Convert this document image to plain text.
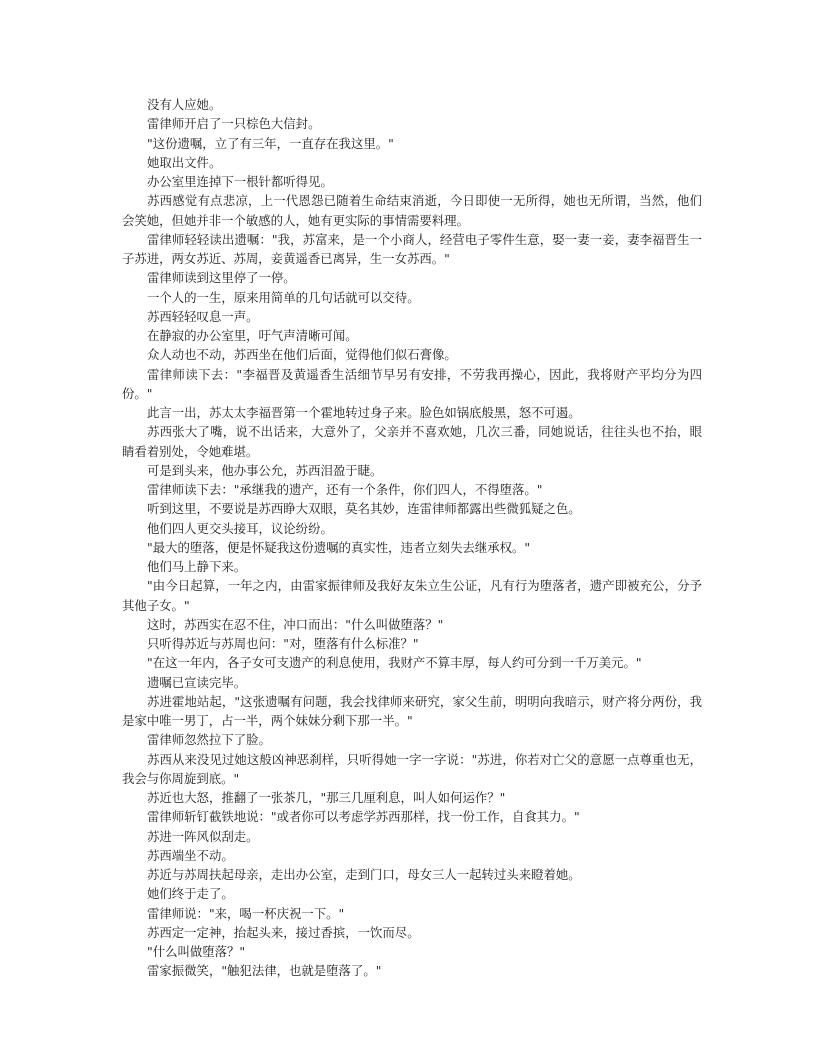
没有人应她。

雷律师开启了一只棕色大信封。

"这份遗嘱，立了有三年，一直存在我这里。"

她取出文件。

办公室里连掉下一根针都听得见。

苏西感觉有点悲凉，上一代恩怨已随着生命结束消逝，今日即使一无所得，她也无所谓，当然，他们会笑她，但她并非一个敏感的人，她有更实际的事情需要料理。

雷律师轻轻读出遗嘱："我，苏富来，是一个小商人，经营电子零件生意，娶一妻一妾，妻李福晋生一子苏进，两女苏近、苏周，妾黄遥香已离异，生一女苏西。"

雷律师读到这里停了一停。

一个人的一生，原来用简单的几句话就可以交待。

苏西轻轻叹息一声。

在静寂的办公室里，吁气声清晰可闻。

众人动也不动，苏西坐在他们后面，觉得他们似石膏像。

雷律师读下去："李福晋及黄遥香生活细节早另有安排，不劳我再操心，因此，我将财产平均分为四份。"

此言一出，苏太太李福晋第一个霍地转过身子来。脸色如锅底般黑，怒不可遏。

苏西张大了嘴，说不出话来，大意外了，父亲并不喜欢她，几次三番，同她说话，往往头也不抬，眼睛看着别处，令她难堪。

可是到头来，他办事公允，苏西泪盈于睫。

雷律师读下去："承继我的遗产，还有一个条件，你们四人，不得堕落。"

听到这里，不要说是苏西睁大双眼，莫名其妙，连雷律师都露出些微狐疑之色。

他们四人更交头接耳，议论纷纷。

"最大的堕落，便是怀疑我这份遗嘱的真实性，违者立刻失去继承权。"

他们马上静下来。

"由今日起算，一年之内，由雷家振律师及我好友朱立生公证，凡有行为堕落者，遗产即被充公，分予其他子女。"

这时，苏西实在忍不住，冲口而出："什么叫做堕落？"

只听得苏近与苏周也问："对，堕落有什么标准？"

"在这一年内，各子女可支遗产的利息使用，我财产不算丰厚，每人约可分到一千万美元。"

遗嘱已宣读完毕。

苏进霍地站起，"这张遗嘱有问题，我会找律师来研究，家父生前，明明向我暗示，财产将分两份，我是家中唯一男丁，占一半，两个妹妹分剩下那一半。"

雷律师忽然拉下了脸。

苏西从来没见过她这般凶神恶刹样，只听得她一字一字说："苏进，你若对亡父的意愿一点尊重也无，我会与你周旋到底。"

苏近也大怒，推翻了一张茶几，"那三几厘利息，叫人如何运作？"

雷律师斩钉截铁地说："或者你可以考虑学苏西那样，找一份工作，自食其力。"

苏进一阵风似刮走。

苏西端坐不动。

苏近与苏周扶起母亲，走出办公室，走到门口，母女三人一起转过头来瞪着她。

她们终于走了。

雷律师说："来，喝一杯庆祝一下。"

苏西定一定神，抬起头来，接过香摈，一饮而尽。

"什么叫做堕落？"

雷家振微笑，"触犯法律，也就是堕落了。"
